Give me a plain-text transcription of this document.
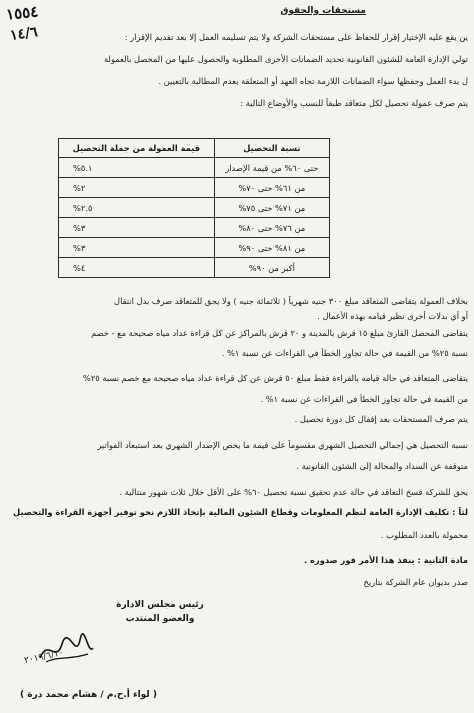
١٥٥٤
١٤/٦
مستحقات والحقوق
ين يقع عليه الإختيار إقرار للحفاظ على مستحقات الشركة ولا يتم تسليمه العمل إلا بعد تقديم الإقرار :
تولي الإدارة العامة للشئون القانونية تحديد الضمانات الأخرى المطلوبة والحصول عليها من المحصل بالعمولة
ل بدء العمل وحفظها سواء الضمانات اللازمة تجاه العهد أو المتعلقة بعدم المطالبة بالتعيين .
يتم صرف عمولة تحصيل لكل متعاقد طبقاً للنسب والأوضاع التالية :
نسبة التحصيل	قيمة العمولة من جملة التحصيل
حتى ٦٠% من قيمة الإصدار	٥.١%
من ٦١% حتى ٧٠%	٢%
من ٧١% حتى ٧٥%	٢.٥%
من ٧٦% حتى ٨٠%	٣%
من ٨١% حتى ٩٠%	٣%
أكبر من ٩٠%	٤%
بخلاف العمولة يتقاضى المتعاقد مبلغ ٣٠٠ جنيه شهرياً ( ثلاثمائة جنيه ) ولا يحق للمتعاقد صرف بدل انتقال
أو أي بدلات أخرى نظير قيامه بهذه الأعمال .
يتقاضى المحصل القارئ مبلغ ١٥ قرش بالمدينة و ٢٠ قرش بالمراكز عن كل قراءة عداد مياه صحيحة مع - خصم
نسبة ٢٥% من القيمة في حالة تجاوز الخطأ في القراءات عن نسبة ١% .
يتقاضى المتعاقد في حالة قيامه بالقراءة فقط مبلغ ٥٠ قرش عن كل قراءة عداد مياه صحيحة مع خصم نسبة ٢٥%
من القيمة في حالة تجاوز الخطأ في القراءات عن نسبة ١% .
يتم صرف المستحقات بعد إقفال كل دورة تحصيل .
نسبة التحصيل هي إجمالي التحصيل الشهري مقسوماً على قيمة ما يخص الإصدار الشهري بعد استبعاد الفواتير
متوقفة عن السداد والمحالة إلى الشئون القانونية .
يحق للشركة فسخ التعاقد في حالة عدم تحقيق نسبة تحصيل ٦٠% على الأقل خلال ثلاث شهور متتالية .
لثاً : تكليف الإدارة العامة لنظم المعلومات وقطاع الشئون المالية بإتخاذ اللازم نحو توفير أجهزة القراءة والتحصيل
محمولة بالعدد المطلوب .
مادة الثانية : ينفذ هذا الأمر فور صدوره .
صدر بديوان عام الشركة بتاريخ
رئيس مجلس الادارة
والعضو المنتدب
٢٠١٩/٦/١٠
( لواء أ.ح.م / هشام محمد درة )
